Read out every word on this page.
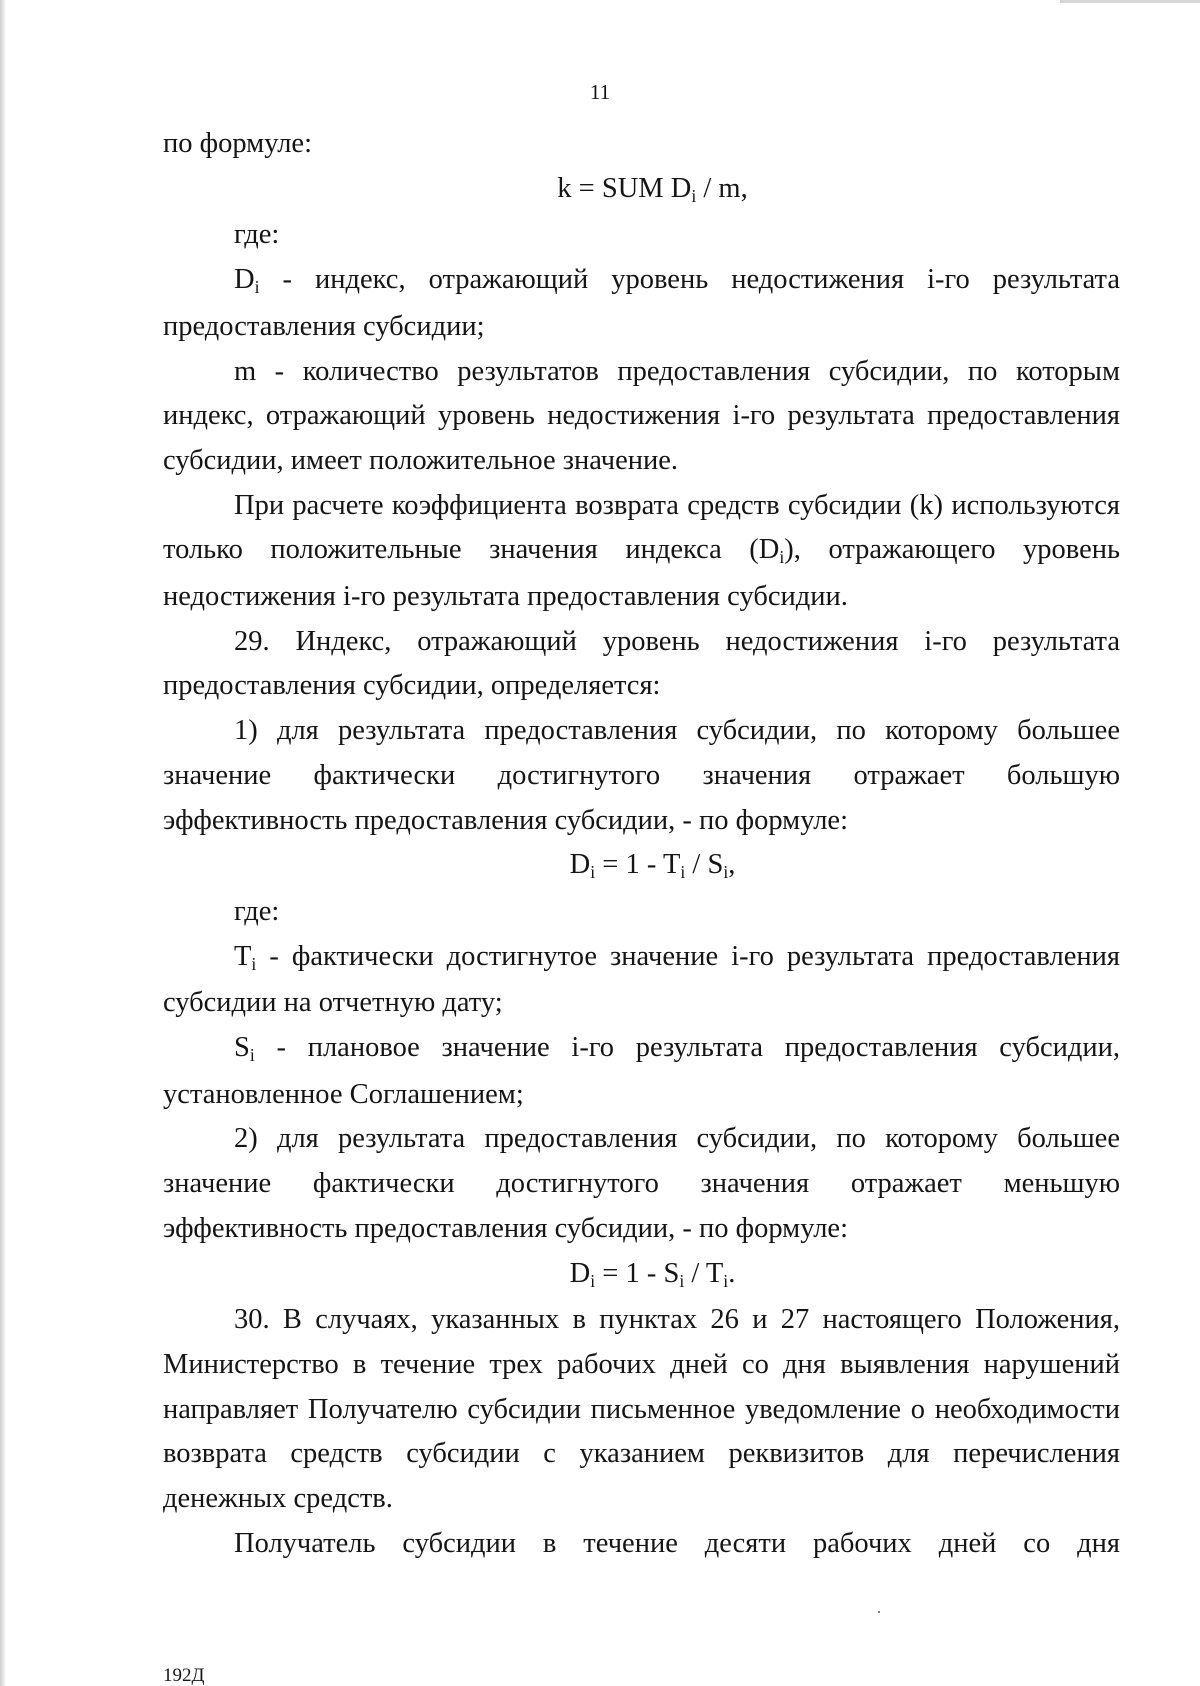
11

по формуле:

k = SUM $D_i$ / m,

где:

$D_i$ - индекс, отражающий уровень недостижения i-го результата предоставления субсидии;

m - количество результатов предоставления субсидии, по которым индекс, отражающий уровень недостижения i-го результата предоставления субсидии, имеет положительное значение.

При расчете коэффициента возврата средств субсидии (k) используются только положительные значения индекса $(D_i)$, отражающего уровень недостижения i-го результата предоставления субсидии.

29. Индекс, отражающий уровень недостижения i-го результата предоставления субсидии, определяется:

1) для результата предоставления субсидии, по которому большее значение фактически достигнутого значения отражает большую эффективность предоставления субсидии, - по формуле:

$D_i = 1 - T_i / S_i$,

где:

$T_i$ - фактически достигнутое значение i-го результата предоставления субсидии на отчетную дату;

$S_i$ - плановое значение i-го результата предоставления субсидии, установленное Соглашением;

2) для результата предоставления субсидии, по которому большее значение фактически достигнутого значения отражает меньшую эффективность предоставления субсидии, - по формуле:

$D_i = 1 - S_i / T_i$.

30. В случаях, указанных в пунктах 26 и 27 настоящего Положения, Министерство в течение трех рабочих дней со дня выявления нарушений направляет Получателю субсидии письменное уведомление о необходимости возврата средств субсидии с указанием реквизитов для перечисления денежных средств.

Получатель субсидии в течение десяти рабочих дней со дня

192Д
